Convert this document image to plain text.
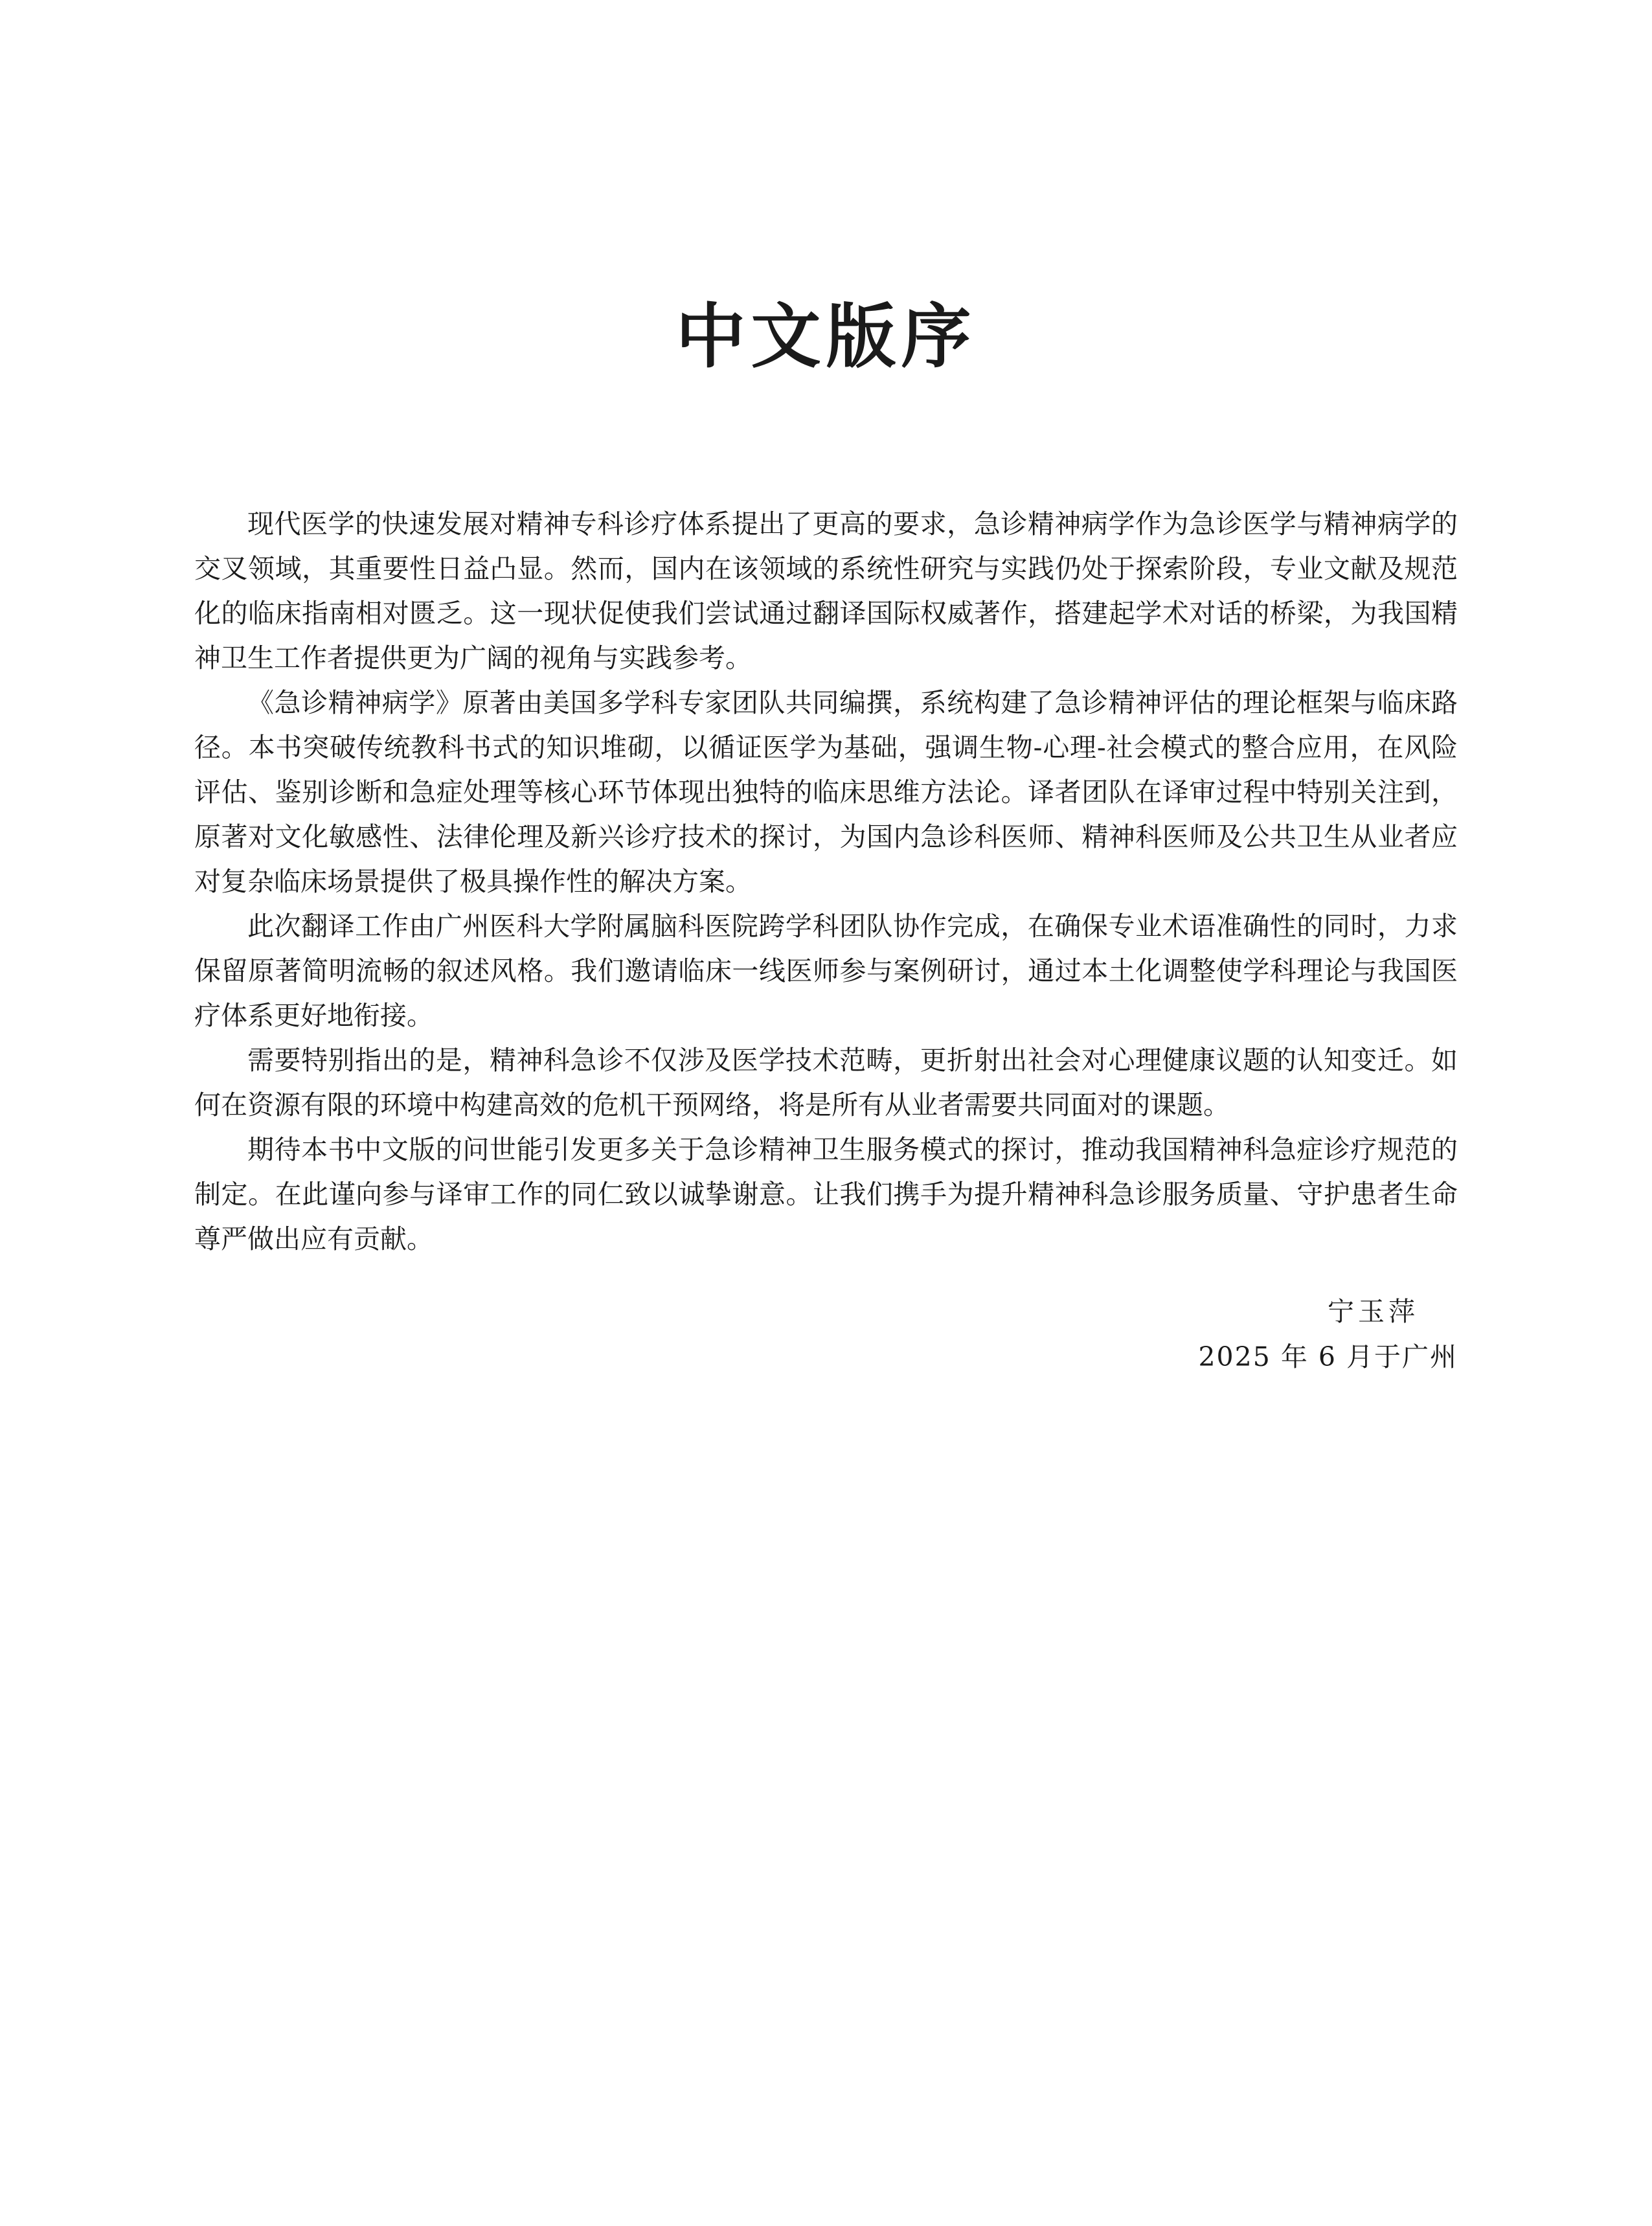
中文版序

现代医学的快速发展对精神专科诊疗体系提出了更高的要求，急诊精神病学作为急诊医学与精神病学的交叉领域，其重要性日益凸显。然而，国内在该领域的系统性研究与实践仍处于探索阶段，专业文献及规范化的临床指南相对匮乏。这一现状促使我们尝试通过翻译国际权威著作，搭建起学术对话的桥梁，为我国精神卫生工作者提供更为广阔的视角与实践参考。

《急诊精神病学》原著由美国多学科专家团队共同编撰，系统构建了急诊精神评估的理论框架与临床路径。本书突破传统教科书式的知识堆砌，以循证医学为基础，强调生物-心理-社会模式的整合应用，在风险评估、鉴别诊断和急症处理等核心环节体现出独特的临床思维方法论。译者团队在译审过程中特别关注到，原著对文化敏感性、法律伦理及新兴诊疗技术的探讨，为国内急诊科医师、精神科医师及公共卫生从业者应对复杂临床场景提供了极具操作性的解决方案。

此次翻译工作由广州医科大学附属脑科医院跨学科团队协作完成，在确保专业术语准确性的同时，力求保留原著简明流畅的叙述风格。我们邀请临床一线医师参与案例研讨，通过本土化调整使学科理论与我国医疗体系更好地衔接。

需要特别指出的是，精神科急诊不仅涉及医学技术范畴，更折射出社会对心理健康议题的认知变迁。如何在资源有限的环境中构建高效的危机干预网络，将是所有从业者需要共同面对的课题。

期待本书中文版的问世能引发更多关于急诊精神卫生服务模式的探讨，推动我国精神科急症诊疗规范的制定。在此谨向参与译审工作的同仁致以诚挚谢意。让我们携手为提升精神科急诊服务质量、守护患者生命尊严做出应有贡献。

宁玉萍
2025 年 6 月于广州
